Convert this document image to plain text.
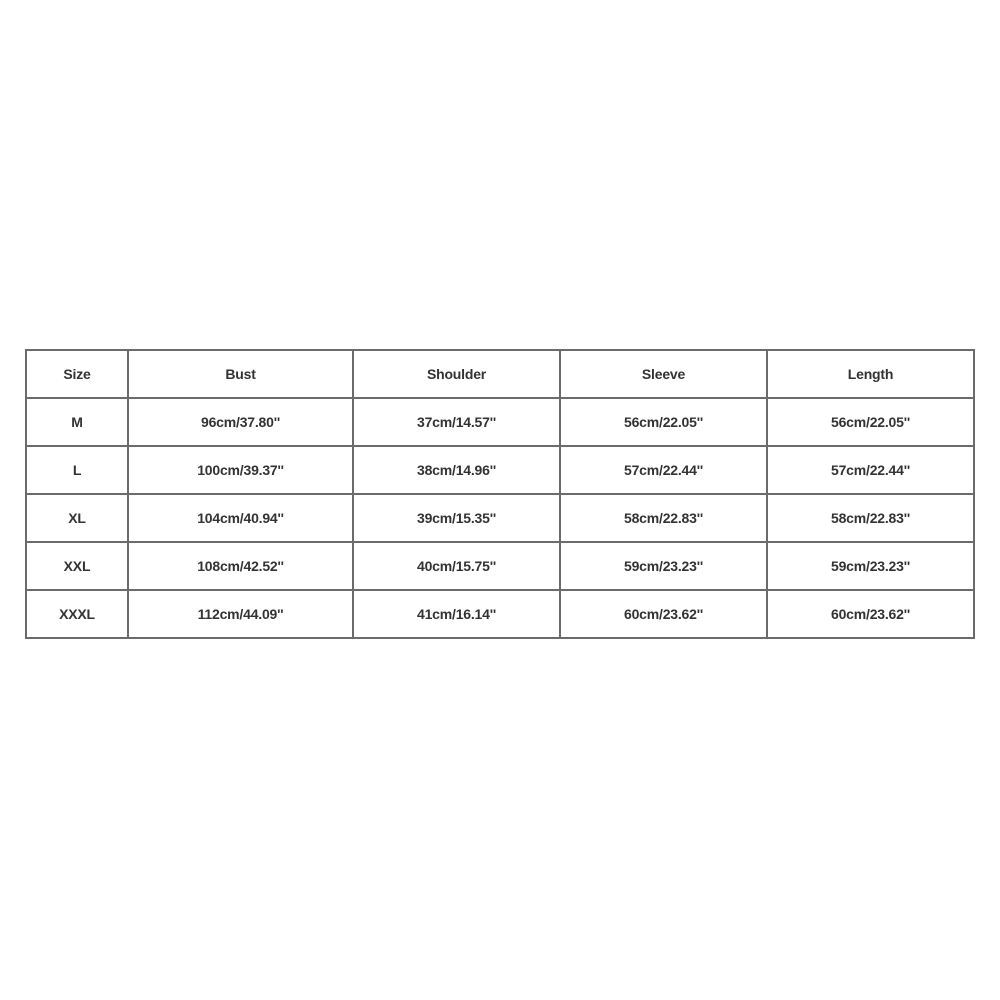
Size	Bust	Shoulder	Sleeve	Length
M	96cm/37.80''	37cm/14.57''	56cm/22.05''	56cm/22.05''
L	100cm/39.37''	38cm/14.96''	57cm/22.44''	57cm/22.44''
XL	104cm/40.94''	39cm/15.35''	58cm/22.83''	58cm/22.83''
XXL	108cm/42.52''	40cm/15.75''	59cm/23.23''	59cm/23.23''
XXXL	112cm/44.09''	41cm/16.14''	60cm/23.62''	60cm/23.62''
